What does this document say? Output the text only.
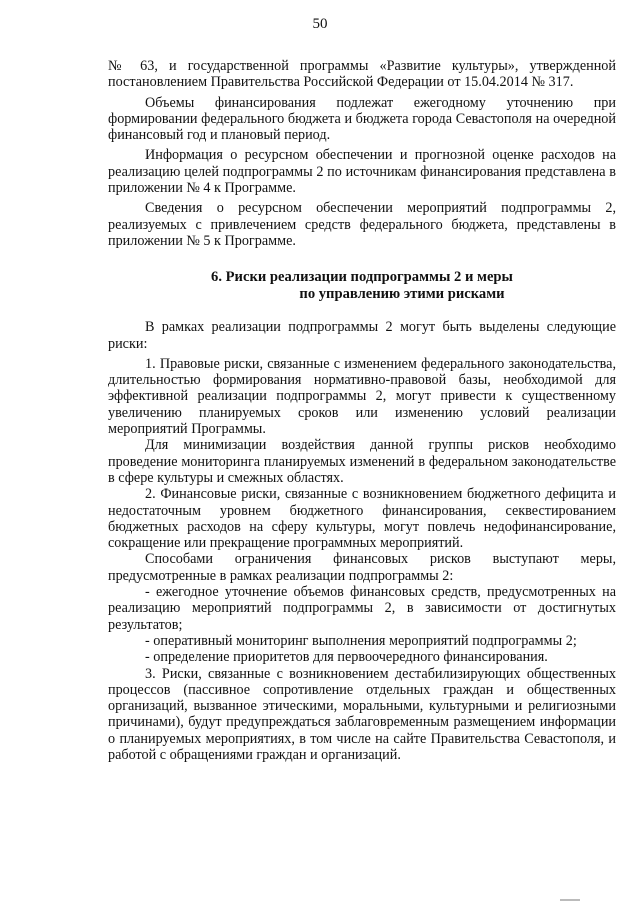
50

№ 63, и государственной программы «Развитие культуры», утвержденной постановлением Правительства Российской Федерации от 15.04.2014 № 317.

Объемы финансирования подлежат ежегодному уточнению при формировании федерального бюджета и бюджета города Севастополя на очередной финансовый год и плановый период.

Информация о ресурсном обеспечении и прогнозной оценке расходов на реализацию целей подпрограммы 2 по источникам финансирования представлена в приложении № 4 к Программе.

Сведения о ресурсном обеспечении мероприятий подпрограммы 2, реализуемых с привлечением средств федерального бюджета, представлены в приложении № 5 к Программе.

6. Риски реализации подпрограммы 2 и меры
по управлению этими рисками

В рамках реализации подпрограммы 2 могут быть выделены следующие риски:

1. Правовые риски, связанные с изменением федерального законодательства, длительностью формирования нормативно-правовой базы, необходимой для эффективной реализации подпрограммы 2, могут привести к существенному увеличению планируемых сроков или изменению условий реализации мероприятий Программы.

Для минимизации воздействия данной группы рисков необходимо проведение мониторинга планируемых изменений в федеральном законодательстве в сфере культуры и смежных областях.

2. Финансовые риски, связанные с возникновением бюджетного дефицита и недостаточным уровнем бюджетного финансирования, секвестированием бюджетных расходов на сферу культуры, могут повлечь недофинансирование, сокращение или прекращение программных мероприятий.

Способами ограничения финансовых рисков выступают меры, предусмотренные в рамках реализации подпрограммы 2:

- ежегодное уточнение объемов финансовых средств, предусмотренных на реализацию мероприятий подпрограммы 2, в зависимости от достигнутых результатов;

- оперативный мониторинг выполнения мероприятий подпрограммы 2;

- определение приоритетов для первоочередного финансирования.

3. Риски, связанные с возникновением дестабилизирующих общественных процессов (пассивное сопротивление отдельных граждан и общественных организаций, вызванное этическими, моральными, культурными и религиозными причинами), будут предупреждаться заблаговременным размещением информации о планируемых мероприятиях, в том числе на сайте Правительства Севастополя, и работой с обращениями граждан и организаций.
